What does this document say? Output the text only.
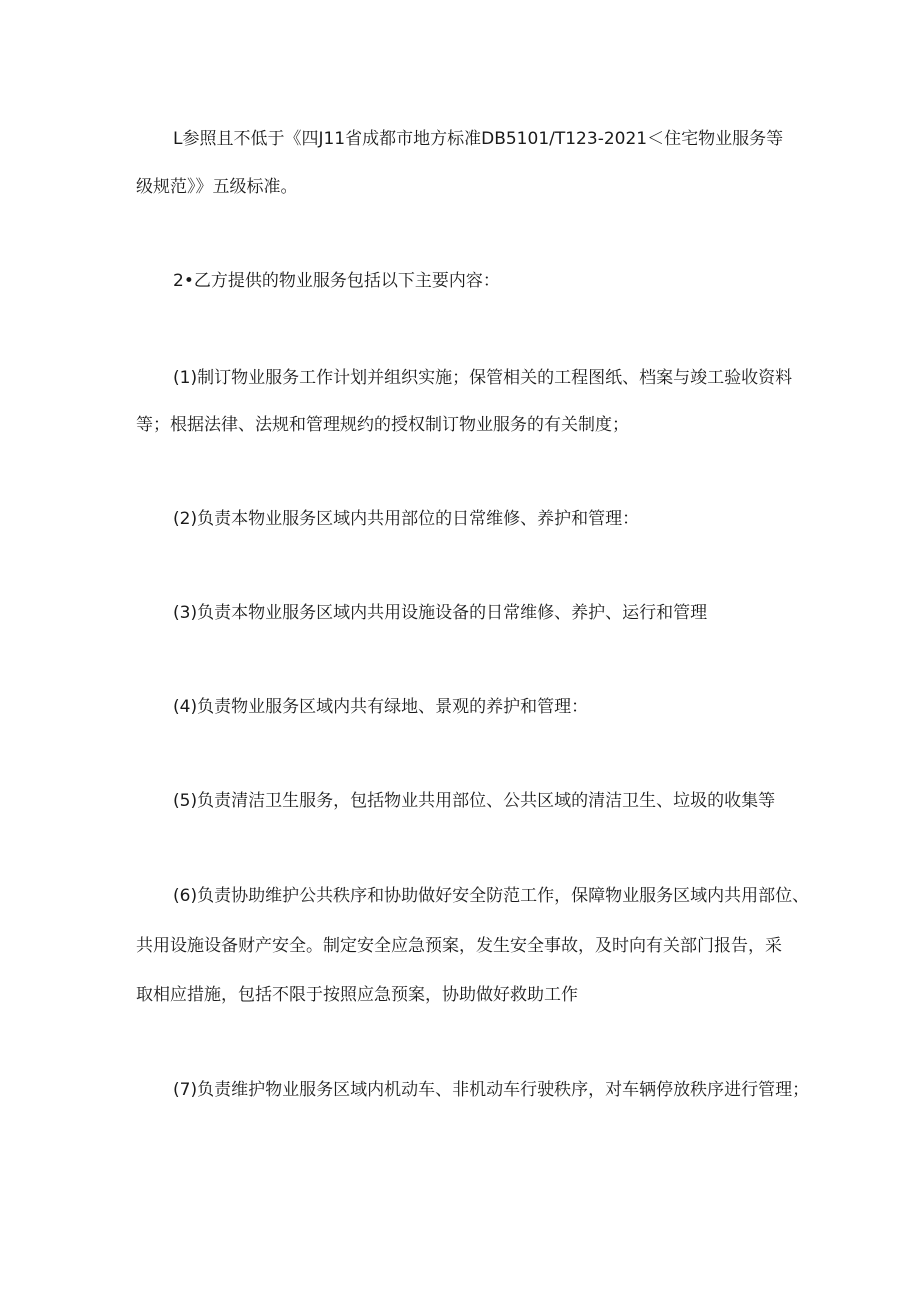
L参照且不低于《四J11省成都市地方标准DB5101/T123-2021＜住宅物业服务等
级规范》》五级标准。
2•乙方提供的物业服务包括以下主要内容：
(1)制订物业服务工作计划并组织实施；保管相关的工程图纸、档案与竣工验收资料
等；根据法律、法规和管理规约的授权制订物业服务的有关制度；
(2)负责本物业服务区域内共用部位的日常维修、养护和管理：
(3)负责本物业服务区域内共用设施设备的日常维修、养护、运行和管理
(4)负责物业服务区域内共有绿地、景观的养护和管理：
(5)负责清洁卫生服务，包括物业共用部位、公共区域的清洁卫生、垃圾的收集等
(6)负责协助维护公共秩序和协助做好安全防范工作，保障物业服务区域内共用部位、
共用设施设备财产安全。制定安全应急预案，发生安全事故，及时向有关部门报告，采
取相应措施，包括不限于按照应急预案，协助做好救助工作
(7)负责维护物业服务区域内机动车、非机动车行驶秩序，对车辆停放秩序进行管理；
